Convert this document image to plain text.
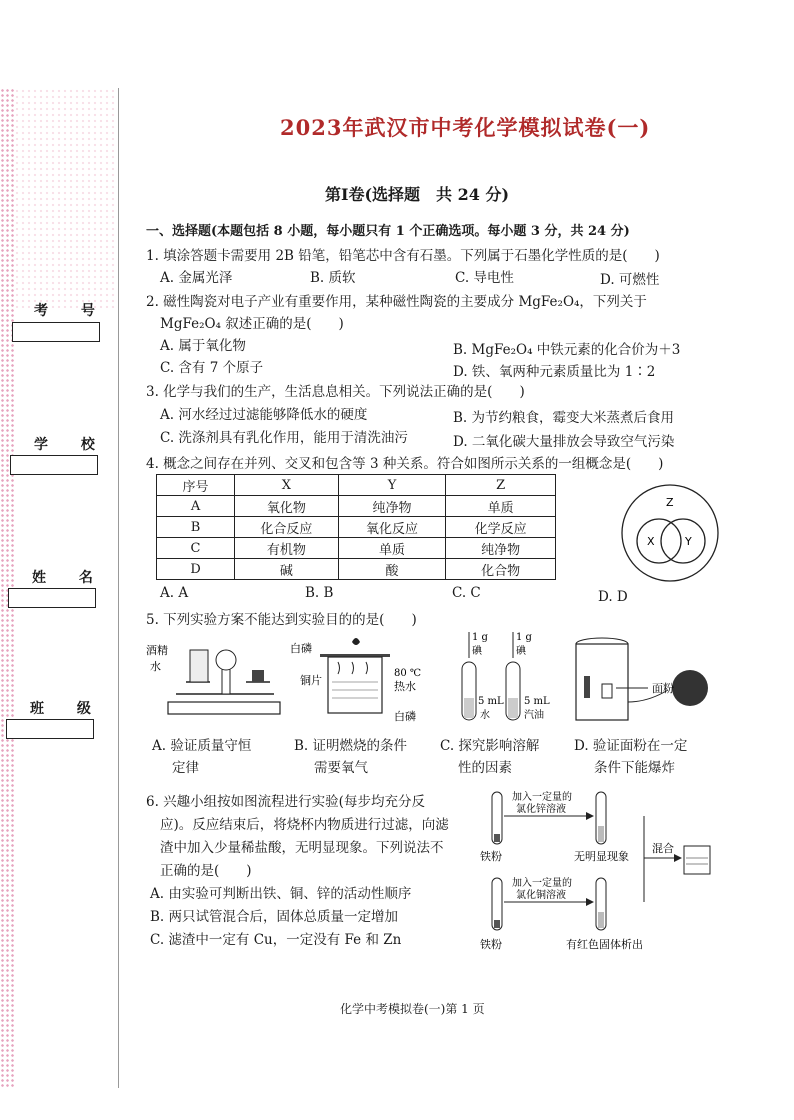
考 号
学 校
姓 名
班 级
2023年武汉市中考化学模拟试卷(一)
第Ⅰ卷(选择题　共 24 分)
一、选择题(本题包括 8 小题，每小题只有 1 个正确选项。每小题 3 分，共 24 分)
1. 填涂答题卡需要用 2B 铅笔，铅笔芯中含有石墨。下列属于石墨化学性质的是(　　)
A. 金属光泽	B. 质软	C. 导电性	D. 可燃性
2. 磁性陶瓷对电子产业有重要作用，某种磁性陶瓷的主要成分 MgFe₂O₄，下列关于
MgFe₂O₄ 叙述正确的是(　　)
A. 属于氧化物	B. MgFe₂O₄ 中铁元素的化合价为＋3
C. 含有 7 个原子	D. 铁、氧两种元素质量比为 1∶2
3. 化学与我们的生产，生活息息相关。下列说法正确的是(　　)
A. 河水经过过滤能够降低水的硬度	B. 为节约粮食，霉变大米蒸煮后食用
C. 洗涤剂具有乳化作用，能用于清洗油污	D. 二氧化碳大量排放会导致空气污染
4. 概念之间存在并列、交叉和包含等 3 种关系。符合如图所示关系的一组概念是(　　)
序号	X	Y	Z
A	氧化物	纯净物	单质
B	化合反应	氧化反应	化学反应
C	有机物	单质	纯净物
D	碱	酸	化合物
Z
X	Y
A. A	B. B	C. C	D. D
5. 下列实验方案不能达到实验目的的是(　　)
酒精
水
白磷
铜片
80 ℃
热水
白磷
1 g
碘
1 g
碘
5 mL
水
5 mL
汽油
面粉
A. 验证质量守恒
定律
B. 证明燃烧的条件
需要氧气
C. 探究影响溶解
性的因素
D. 验证面粉在一定
条件下能爆炸
6. 兴趣小组按如图流程进行实验(每步均充分反
应)。反应结束后，将烧杯内物质进行过滤，向滤
渣中加入少量稀盐酸，无明显现象。下列说法不
正确的是(　　)
A. 由实验可判断出铁、铜、锌的活动性顺序
B. 两只试管混合后，固体总质量一定增加
C. 滤渣中一定有 Cu，一定没有 Fe 和 Zn
加入一定量的
氯化锌溶液
铁粉	无明显现象
加入一定量的
氯化铜溶液
铁粉	有红色固体析出
混合
化学中考模拟卷(一)第 1 页
